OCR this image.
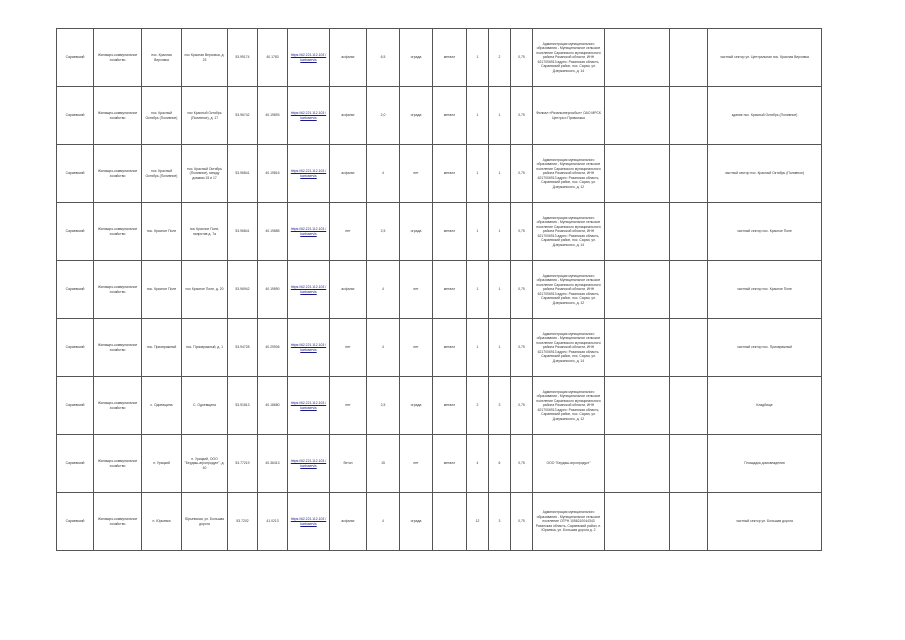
Сараевский	Жилищно-коммунальное хозяйство	пос. Красная Верховка	пос Красная Верховка, д. 23	53.99174	40.1783	https://62.221.112.103 / kartoservis	асфальт	6,5	ограда	металл	1	2	0,75	Администрация муниципального образования - Муниципальное сельское поселение Сараевского муниципального района Рязанской области, ИНН 6217006913 адрес: Рязанская область, Сараевский район, пос. Сараи, ул. Дзержинского, д. 14			частный сектор ул. Центральная пос. Красная Верховка
Сараевский	Жилищно-коммунальное хозяйство	пос. Красный Октябрь (Поливное)	пос Красный Октябрь (Поливное), д. 17	53.96742	40.19893	https://62.221.112.103 / kartoservis	асфальт	2,0	ограда	металл	1	1	0,75	Филиал «Рязаньэнергосбыт» ОАО МРСК Центра и Приволжья			здание пос. Красный Октябрь (Поливное)
Сараевский	Жилищно-коммунальное хозяйство	пос. Красный Октябрь (Поливное)	пос. Красный Октябрь (Поливное), между домами 15 и 17	53.96841	40.19816	https://62.221.112.103 / kartoservis	асфальт	4	нет	металл	1	1	0,75	Администрация муниципального образования - Муниципальное сельское поселение Сараевского муниципального района Рязанской области, ИНН 6217006913 адрес: Рязанская область, Сараевский район, пос. Сараи, ул. Дзержинского, д. 12			частный сектор пос. Красный Октябрь (Поливное)
Сараевский	Жилищно-коммунальное хозяйство	пос. Красное Поле	пос Красное Поле, напротив д. 7а	53.96841	40.19885	https://62.221.112.103 / kartoservis	нет	2,5	ограда	металл	1	1	0,75	Администрация муниципального образования - Муниципальное сельское поселение Сараевского муниципального района Рязанской области, ИНН 6217006913 адрес: Рязанская область, Сараевский район, пос. Сараи, ул. Дзержинского, д. 14			частный сектор пос. Красное Поле
Сараевский	Жилищно-коммунальное хозяйство	пос. Красное Поле	пос Красное Поле, д. 20	53.96942	40.19890	https://62.221.112.103 / kartoservis	асфальт	4	нет	металл	1	1	0,75	Администрация муниципального образования - Муниципальное сельское поселение Сараевского муниципального района Рязанской области, ИНН 6217006913 адрес: Рязанская область, Сараевский район, пос. Сараи, ул. Дзержинского, д. 12			частный сектор пос. Красное Поле
Сараевский	Жилищно-коммунальное хозяйство	пос. Приовражный	пос. Приовражный, д. 1	53.94728	40.29906	https://62.221.112.103 / kartoservis	нет	4	нет	металл	1	1	0,75	Администрация муниципального образования - Муниципальное сельское поселение Сараевского муниципального района Рязанской области, ИНН 6217006913 адрес: Рязанская область, Сараевский район, пос. Сараи, ул. Дзержинского, д. 14			частный сектор пос. Приовражный
Сараевский	Жилищно-коммунальное хозяйство	с. Одоевщина	С. Одоевщина	53.91813	40.18680	https://62.221.112.103 / kartoservis	нет	2,5	ограда	металл	2	3	0,75	Администрация муниципального образования - Муниципальное сельское поселение Сараевского муниципального района Рязанской области, ИНН 6217006913 адрес: Рязанская область, Сараевский район, пос. Сараи, ул. Дзержинского, д. 12			Кладбище
Сараевский	Жилищно-коммунальное хозяйство	п. Урицкий	п. Урицкий, ООО "Бердяш-агропродукт", д. 40	53.77219	40.36413	https://62.221.112.103 / kartoservis	бетон	15	нет	металл	4	6	0,75	ООО "Бердяш-агропродукт"			Площадка домовладения
Сараевский	Жилищно-коммунальное хозяйство	п. Юрьевка	Юрьевская, ул. Большая дорога	53.7202	41.0213	https://62.221.112.103 / kartoservis	асфальт	4	ограда		12	3	0,75	Администрация муниципального образования - Муниципальное сельское поселение ОГРН 1056210044343 Рязанская область, Сараевский район, п. Юрьевка, ул. Большая дорога д. 2			частный сектор ул. Большая дорога
